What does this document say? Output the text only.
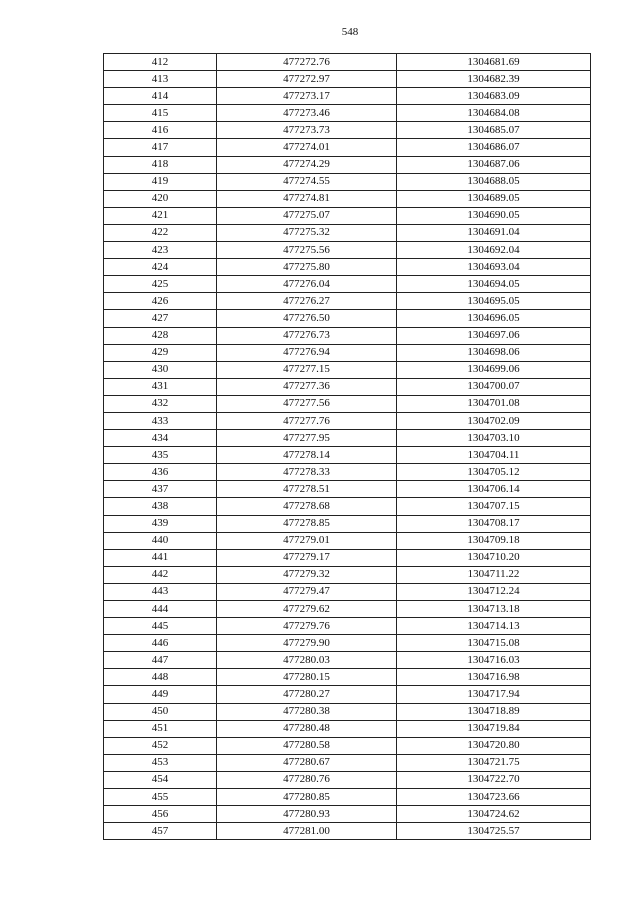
548
412	477272.76	1304681.69
413	477272.97	1304682.39
414	477273.17	1304683.09
415	477273.46	1304684.08
416	477273.73	1304685.07
417	477274.01	1304686.07
418	477274.29	1304687.06
419	477274.55	1304688.05
420	477274.81	1304689.05
421	477275.07	1304690.05
422	477275.32	1304691.04
423	477275.56	1304692.04
424	477275.80	1304693.04
425	477276.04	1304694.05
426	477276.27	1304695.05
427	477276.50	1304696.05
428	477276.73	1304697.06
429	477276.94	1304698.06
430	477277.15	1304699.06
431	477277.36	1304700.07
432	477277.56	1304701.08
433	477277.76	1304702.09
434	477277.95	1304703.10
435	477278.14	1304704.11
436	477278.33	1304705.12
437	477278.51	1304706.14
438	477278.68	1304707.15
439	477278.85	1304708.17
440	477279.01	1304709.18
441	477279.17	1304710.20
442	477279.32	1304711.22
443	477279.47	1304712.24
444	477279.62	1304713.18
445	477279.76	1304714.13
446	477279.90	1304715.08
447	477280.03	1304716.03
448	477280.15	1304716.98
449	477280.27	1304717.94
450	477280.38	1304718.89
451	477280.48	1304719.84
452	477280.58	1304720.80
453	477280.67	1304721.75
454	477280.76	1304722.70
455	477280.85	1304723.66
456	477280.93	1304724.62
457	477281.00	1304725.57
